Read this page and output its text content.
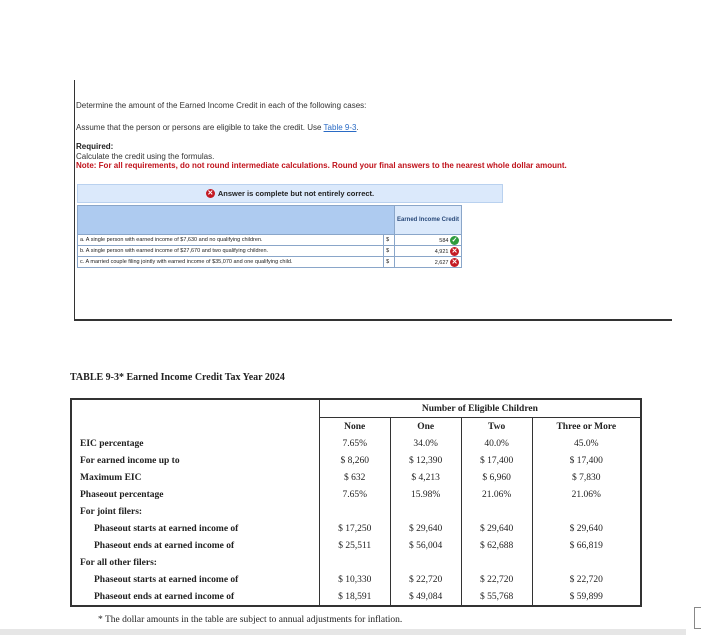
Determine the amount of the Earned Income Credit in each of the following cases:
Assume that the person or persons are eligible to take the credit. Use Table 9-3.
Required:
Calculate the credit using the formulas.
Note: For all requirements, do not round intermediate calculations. Round your final answers to the nearest whole dollar amount.
✕ Answer is complete but not entirely correct.
		Earned Income Credit
a. A single person with earned income of $7,630 and no qualifying children.	$	584 ✓
b. A single person with earned income of $27,670 and two qualifying children.	$	4,921 ✕
c. A married couple filing jointly with earned income of $35,070 and one qualifying child.	$	2,627 ✕
TABLE 9-3* Earned Income Credit Tax Year 2024
	Number of Eligible Children			
	None	One	Two	Three or More
EIC percentage	7.65%	34.0%	40.0%	45.0%
For earned income up to	$ 8,260	$ 12,390	$ 17,400	$ 17,400
Maximum EIC	$ 632	$ 4,213	$ 6,960	$ 7,830
Phaseout percentage	7.65%	15.98%	21.06%	21.06%
For joint filers:				
Phaseout starts at earned income of	$ 17,250	$ 29,640	$ 29,640	$ 29,640
Phaseout ends at earned income of	$ 25,511	$ 56,004	$ 62,688	$ 66,819
For all other filers:				
Phaseout starts at earned income of	$ 10,330	$ 22,720	$ 22,720	$ 22,720
Phaseout ends at earned income of	$ 18,591	$ 49,084	$ 55,768	$ 59,899
* The dollar amounts in the table are subject to annual adjustments for inflation.
